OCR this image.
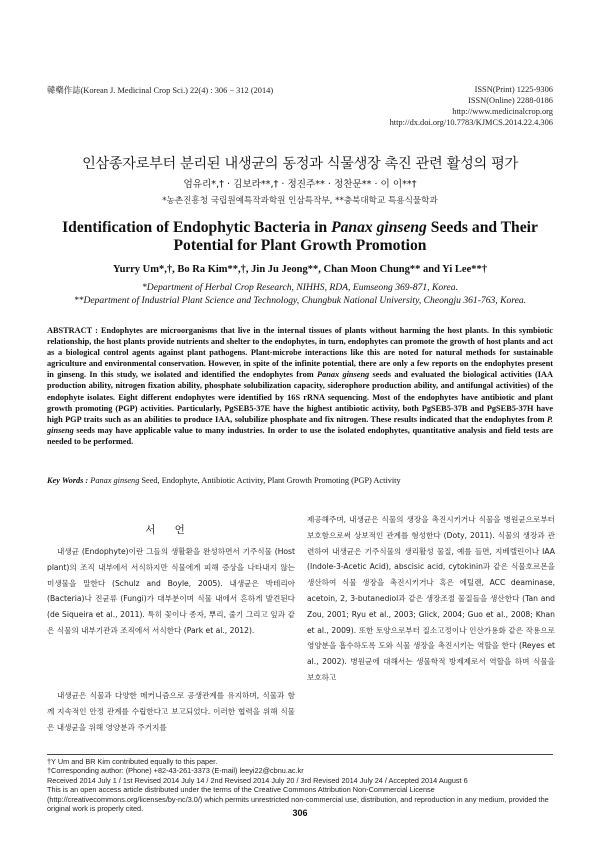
韓藥作誌(Korean J. Medicinal Crop Sci.) 22(4) : 306 − 312 (2014)	ISSN(Print) 1225-9306
ISSN(Online) 2288-0186
http://www.medicinalcrop.org
http://dx.doi.org/10.7783/KJMCS.2014.22.4.306
인삼종자로부터 분리된 내생균의 동정과 식물생장 촉진 관련 활성의 평가
엄유리*,† · 김보라**,† · 정진주** · 정찬문** · 이 이**†
*농촌진흥청 국립원예특작과학원 인삼특작부, **충북대학교 특용식물학과
Identification of Endophytic Bacteria in Panax ginseng Seeds and Their Potential for Plant Growth Promotion
Yurry Um*,†, Bo Ra Kim**,†, Jin Ju Jeong**, Chan Moon Chung** and Yi Lee**†
*Department of Herbal Crop Research, NIHHS, RDA, Eumseong 369-871, Korea.
**Department of Industrial Plant Science and Technology, Chungbuk National University, Cheongju 361-763, Korea.
ABSTRACT : Endophytes are microorganisms that live in the internal tissues of plants without harming the host plants. In this symbiotic relationship, the host plants provide nutrients and shelter to the endophytes, in turn, endophytes can promote the growth of host plants and act as a biological control agents against plant pathogens. Plant-microbe interactions like this are noted for natural methods for sustainable agriculture and environmental conservation. However, in spite of the infinite potential, there are only a few reports on the endophytes present in ginseng. In this study, we isolated and identified the endophytes from Panax ginseng seeds and evaluated the biological activities (IAA production ability, nitrogen fixation ability, phosphate solubilization capacity, siderophore production ability, and antifungal activities) of the endophyte isolates. Eight different endophytes were identified by 16S rRNA sequencing. Most of the endophytes have antibiotic and plant growth promoting (PGP) activities. Particularly, PgSEB5-37E have the highest antibiotic activity, both PgSEB5-37B and PgSEB5-37H have high PGP traits such as an abilities to produce IAA, solubilize phosphate and fix nitrogen. These results indicated that the endophytes from P. ginseng seeds may have applicable value to many industries. In order to use the isolated endophytes, quantitative analysis and field tests are needed to be performed.
Key Words : Panax ginseng Seed, Endophyte, Antibiotic Activity, Plant Growth Promoting (PGP) Activity
서 언

내생균 (Endophyte)이란 그들의 생활환을 완성하면서 기주식물 (Host plant)의 조직 내부에서 서식하지만 식물에게 피해 증상을 나타내지 않는 미생물을 말한다 (Schulz and Boyle, 2005). 내생균은 박테리아 (Bacteria)나 진균류 (Fungi)가 대부분이며 식물 내에서 흔하게 발견된다 (de Siqueira et al., 2011). 특히 꽃이나 종자, 뿌리, 줄기 그리고 잎과 같은 식물의 내부기관과 조직에서 서식한다 (Park et al., 2012).

내생균은 식물과 다양한 메커니즘으로 공생관계를 유지하며, 식물과 함께 지속적인 안정 관계를 수립한다고 보고되었다. 이러한 협력을 위해 식물은 내생균을 위해 영양분과 주거지를

제공해주며, 내생균은 식물의 생장을 촉진시키거나 식물을 병원균으로부터 보호함으로써 상보적인 관계를 형성한다 (Doty, 2011). 식물의 생장과 관련하여 내생균은 기주식물의 생리활성 물질, 예를 들면, 지베렐린이나 IAA (Indole-3-Acetic Acid), abscisic acid, cytokinin과 같은 식물호르몬을 생산하여 식물 생장을 촉진시키거나 혹은 에틸렌, ACC deaminase, acetoin, 2, 3-butanediol과 같은 생장조절 물질들을 생산한다 (Tan and Zou, 2001; Ryu et al., 2003; Glick, 2004; Guo et al., 2008; Khan et al., 2009). 또한 토양으로부터 질소고정이나 인산가용화 같은 작용으로 영양분을 흡수하도록 도와 식물 생장을 촉진시키는 역할을 한다 (Reyes et al., 2002). 병원균에 대해서는 생물학적 방제제로서 역할을 하며 식물을 보호하고

†Y Um and BR Kim contributed equally to this paper.
†Corresponding author: (Phone) +82-43-261-3373 (E-mail) leeyi22@cbnu.ac.kr
Received 2014 July 1 / 1st Revised 2014 July 14 / 2nd Revised 2014 July 20 / 3rd Revised 2014 July 24 / Accepted 2014 August 6
This is an open access article distributed under the terms of the Creative Commons Attribution Non-Commercial License (http://creativecommons.org/licenses/by-nc/3.0/) which permits unrestricted non-commercial use, distribution, and reproduction in any medium, provided the original work is properly cited.	306
